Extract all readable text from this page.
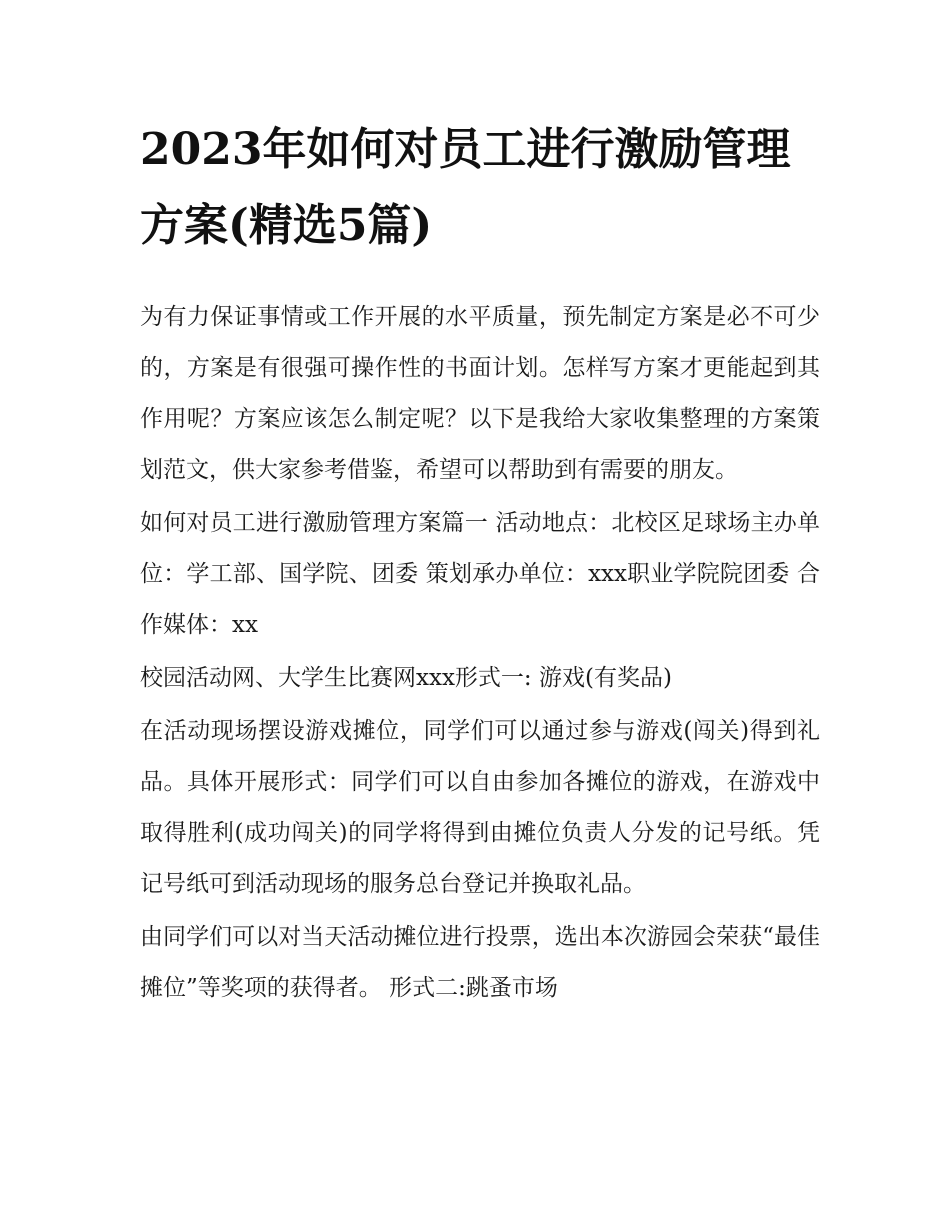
2023年如何对员工进行激励管理方案(精选5篇)

为有力保证事情或工作开展的水平质量，预先制定方案是必不可少的，方案是有很强可操作性的书面计划。怎样写方案才更能起到其作用呢？方案应该怎么制定呢？以下是我给大家收集整理的方案策划范文，供大家参考借鉴，希望可以帮助到有需要的朋友。

如何对员工进行激励管理方案篇一 活动地点：北校区足球场主办单位：学工部、国学院、团委 策划承办单位：xxx职业学院院团委 合作媒体：xx

校园活动网、大学生比赛网xxx形式一: 游戏(有奖品)

在活动现场摆设游戏摊位，同学们可以通过参与游戏(闯关)得到礼品。具体开展形式：同学们可以自由参加各摊位的游戏，在游戏中取得胜利(成功闯关)的同学将得到由摊位负责人分发的记号纸。凭记号纸可到活动现场的服务总台登记并换取礼品。

由同学们可以对当天活动摊位进行投票，选出本次游园会荣获“最佳摊位”等奖项的获得者。 形式二:跳蚤市场
